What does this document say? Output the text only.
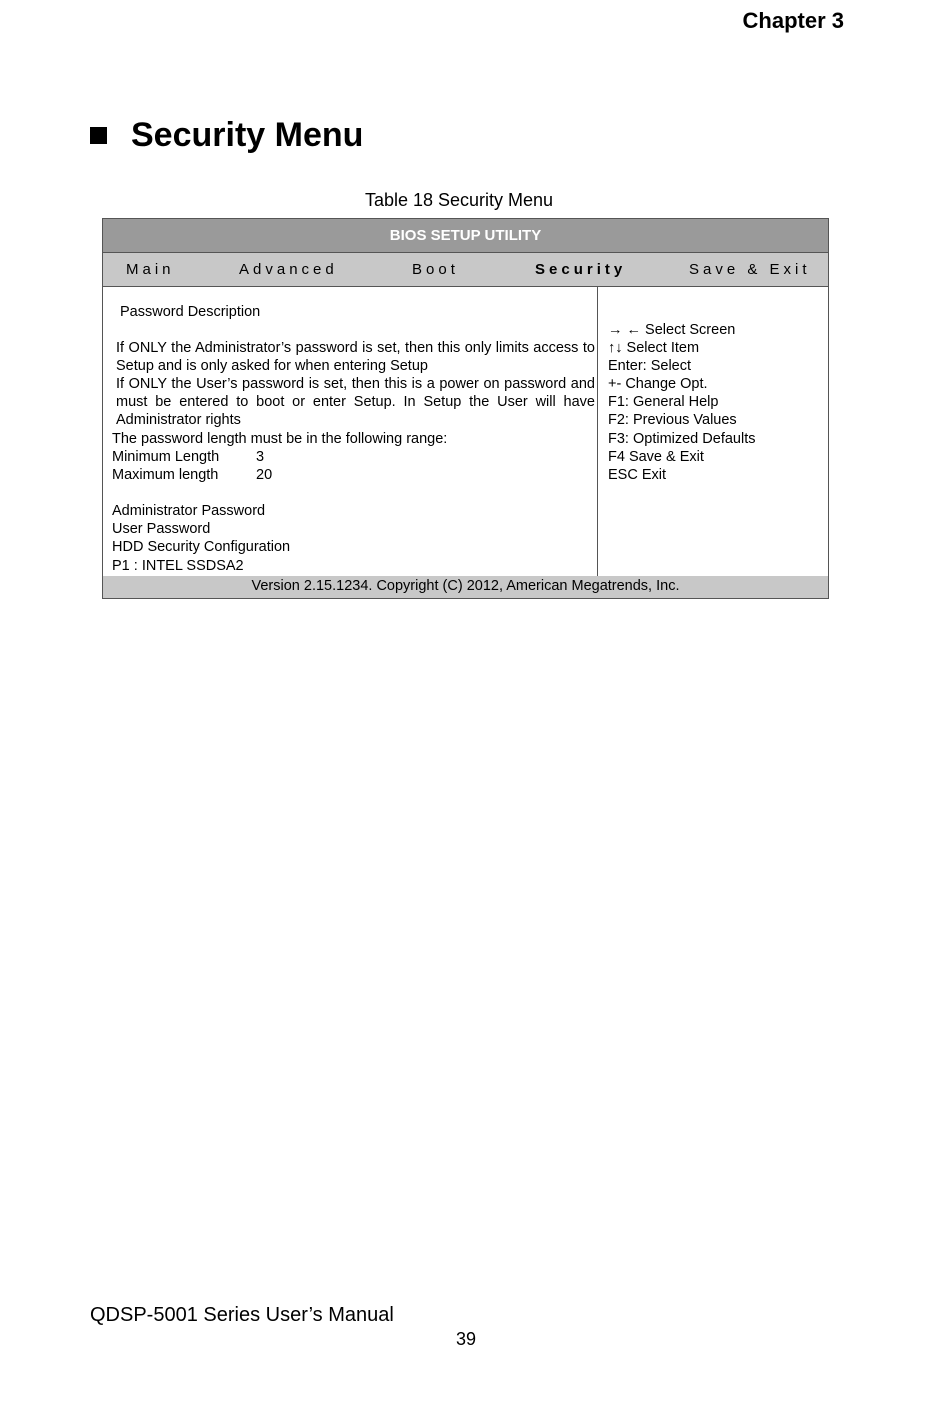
Chapter 3
Security Menu
Table 18 Security Menu
BIOS SETUP UTILITY
Main	Advanced	Boot	Security	Save & Exit
Password Description
If ONLY the Administrator’s password is set, then this only limits access to
Setup and is only asked for when entering Setup
If ONLY the User’s password is set, then this is a power on password and
must be entered to boot or enter Setup. In Setup the User will have
Administrator rights
The password length must be in the following range:
Minimum Length	3
Maximum length	20
Administrator Password
User Password
HDD Security Configuration
P1 : INTEL SSDSA2
→ ← Select Screen
↑↓ Select Item
Enter: Select
+- Change Opt.
F1: General Help
F2: Previous Values
F3: Optimized Defaults
F4 Save & Exit
ESC Exit
Version 2.15.1234. Copyright (C) 2012, American Megatrends, Inc.
QDSP-5001 Series User’s Manual
39
